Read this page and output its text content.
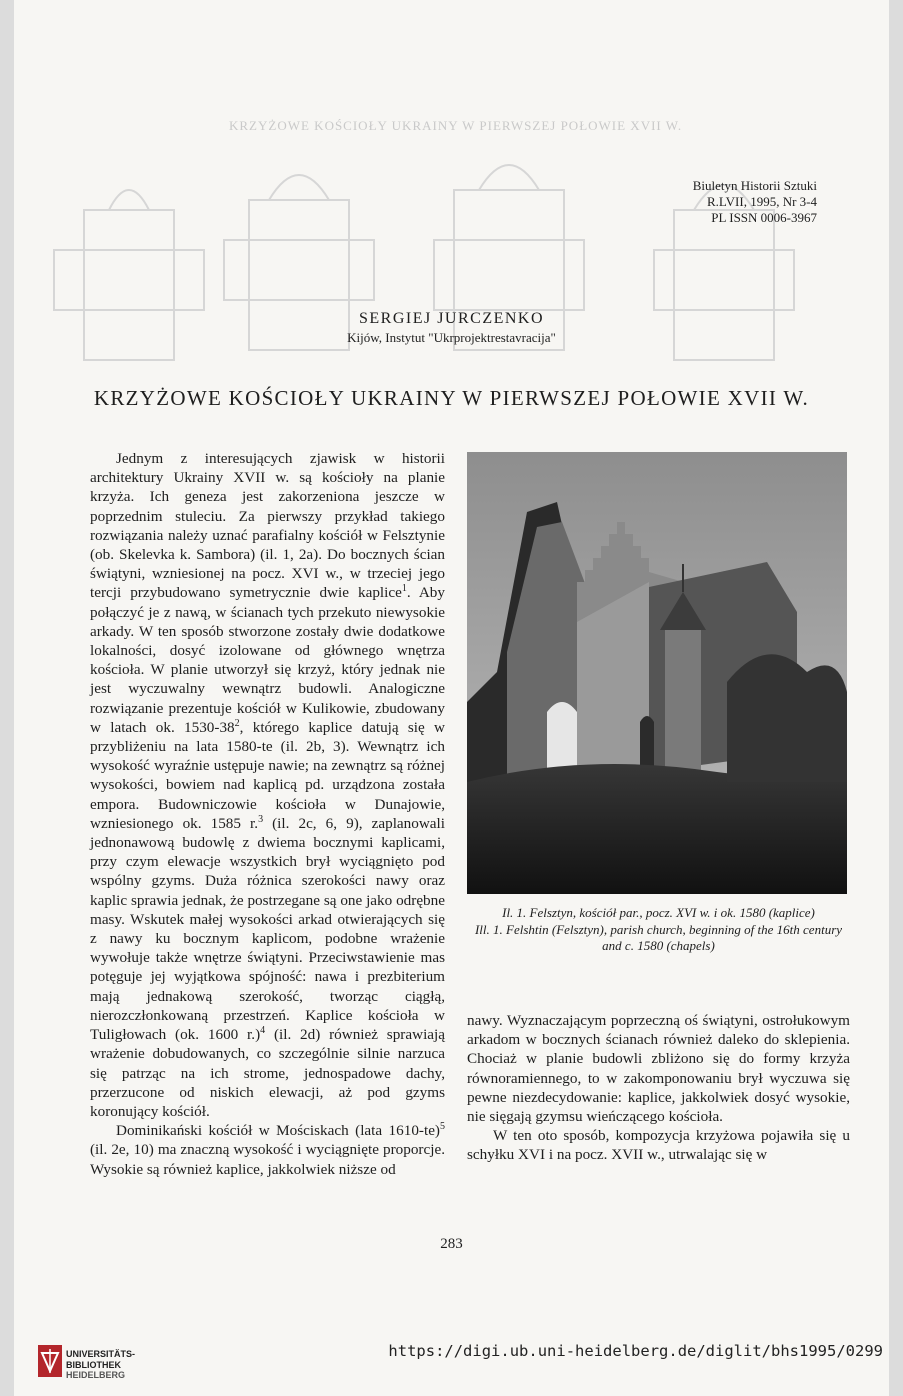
KRZYŻOWE KOŚCIOŁY UKRAINY W PIERWSZEJ POŁOWIE XVII W.
Biuletyn Historii Sztuki
R.LVII, 1995, Nr 3-4
PL ISSN 0006-3967
SERGIEJ JURCZENKO
Kijów, Instytut "Ukrprojektrestavracija"
KRZYŻOWE KOŚCIOŁY UKRAINY W PIERWSZEJ POŁOWIE XVII W.

Jednym z interesujących zjawisk w historii architektury Ukrainy XVII w. są kościoły na planie krzyża. Ich geneza jest zakorzeniona jeszcze w poprzednim stuleciu. Za pierwszy przykład takiego rozwiązania należy uznać parafialny kościół w Felsztynie (ob. Skelevka k. Sambora) (il. 1, 2a). Do bocznych ścian świątyni, wzniesionej na pocz. XVI w., w trzeciej jego tercji przybudowano symetrycznie dwie kaplice$^1$. Aby połączyć je z nawą, w ścianach tych przekuto niewysokie arkady. W ten sposób stworzone zostały dwie dodatkowe lokalności, dosyć izolowane od głównego wnętrza kościoła. W planie utworzył się krzyż, który jednak nie jest wyczuwalny wewnątrz budowli. Analogiczne rozwiązanie prezentuje kościół w Kulikowie, zbudowany w latach ok. $1530-38^2$, którego kaplice datują się w przybliżeniu na lata 1580-te (il. 2b, 3). Wewnątrz ich wysokość wyraźnie ustępuje nawie; na zewnątrz są różnej wysokości, bowiem nad kaplicą pd. urządzona została empora. Budowniczowie kościoła w Dunajowie, wzniesionego ok. 1585 r.$^3$ (il. 2c, 6, 9), zaplanowali jednonawową budowlę z dwiema bocznymi kaplicami, przy czym elewacje wszystkich brył wyciągnięto pod wspólny gzyms. Duża różnica szerokości nawy oraz kaplic sprawia jednak, że postrzegane są one jako odrębne masy. Wskutek małej wysokości arkad otwierających się z nawy ku bocznym kaplicom, podobne wrażenie wywołuje także wnętrze świątyni. Przeciwstawienie mas potęguje jej wyjątkowa spójność: nawa i prezbiterium mają jednakową szerokość, tworząc ciągłą, nierozczłonkowaną przestrzeń. Kaplice kościoła w Tuligłowach (ok. 1600 r.)$^4$ (il. 2d) również sprawiają wrażenie dobudowanych, co szczególnie silnie narzuca się patrząc na ich strome, jednospadowe dachy, przerzucone od niskich elewacji, aż pod gzyms koronujący kościół.

Dominikański kościół w Mościskach (lata 1610-te)$^5$ (il. 2e, 10) ma znaczną wysokość i wyciągnięte proporcje. Wysokie są również kaplice, jakkolwiek niższe od

Il. 1. Felsztyn, kościół par., pocz. XVI w. i ok. 1580 (kaplice)
Ill. 1. Felshtin (Felsztyn), parish church, beginning of the 16th century and c. 1580 (chapels)

nawy. Wyznaczającym poprzeczną oś świątyni, ostrołukowym arkadom w bocznych ścianach również daleko do sklepienia. Chociaż w planie budowli zbliżono się do formy krzyża równoramiennego, to w zakomponowaniu brył wyczuwa się pewne niezdecydowanie: kaplice, jakkolwiek dosyć wysokie, nie sięgają gzymsu wieńczącego kościoła.

W ten oto sposób, kompozycja krzyżowa pojawiła się u schyłku XVI i na pocz. XVII w., utrwalając się w

283
UNIVERSITÄTS-
BIBLIOTHEK
HEIDELBERG
https://digi.ub.uni-heidelberg.de/diglit/bhs1995/0299
